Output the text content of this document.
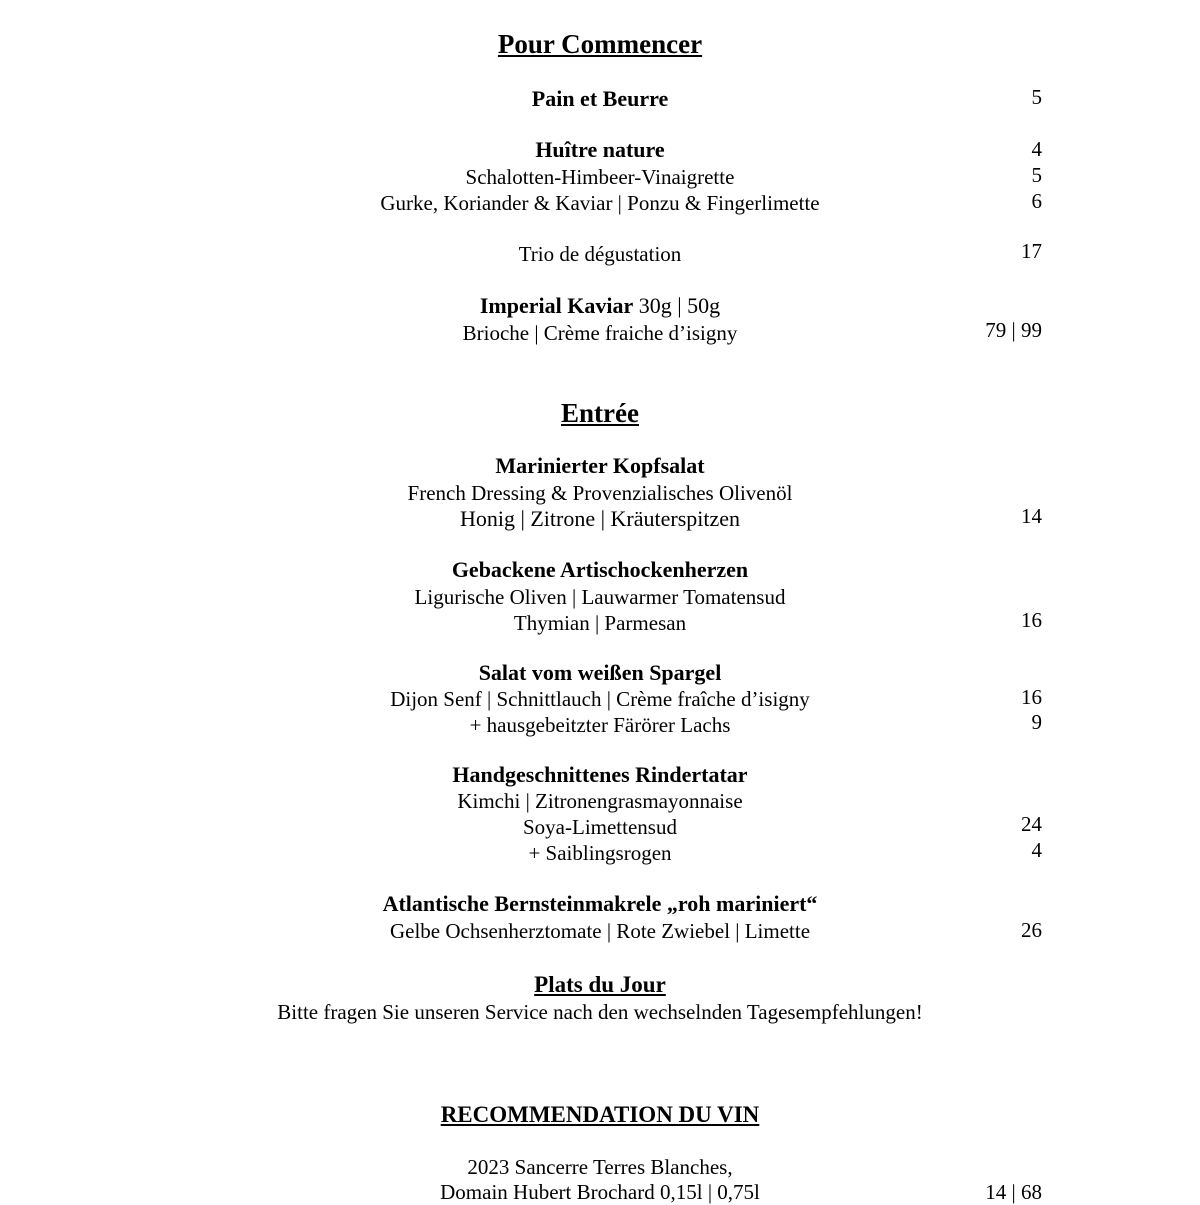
Pour Commencer
Pain et Beurre	5
Huître nature	4
Schalotten-Himbeer-Vinaigrette	5
Gurke, Koriander & Kaviar | Ponzu & Fingerlimette	6
Trio de dégustation	17
Imperial Kaviar 30g | 50g
Brioche | Crème fraiche d’isigny	79 | 99
Entrée
Marinierter Kopfsalat
French Dressing & Provenzialisches Olivenöl
Honig | Zitrone | Kräuterspitzen	14
Gebackene Artischockenherzen
Ligurische Oliven | Lauwarmer Tomatensud
Thymian | Parmesan	16
Salat vom weißen Spargel
Dijon Senf | Schnittlauch | Crème fraîche d’isigny	16
+ hausgebeitzter Färörer Lachs	9
Handgeschnittenes Rindertatar
Kimchi | Zitronengrasmayonnaise
Soya-Limettensud	24
+ Saiblingsrogen	4
Atlantische Bernsteinmakrele „roh mariniert“
Gelbe Ochsenherztomate | Rote Zwiebel | Limette	26
Plats du Jour
Bitte fragen Sie unseren Service nach den wechselnden Tagesempfehlungen!
RECOMMENDATION DU VIN
2023 Sancerre Terres Blanches,
Domain Hubert Brochard 0,15l | 0,75l	14 | 68
